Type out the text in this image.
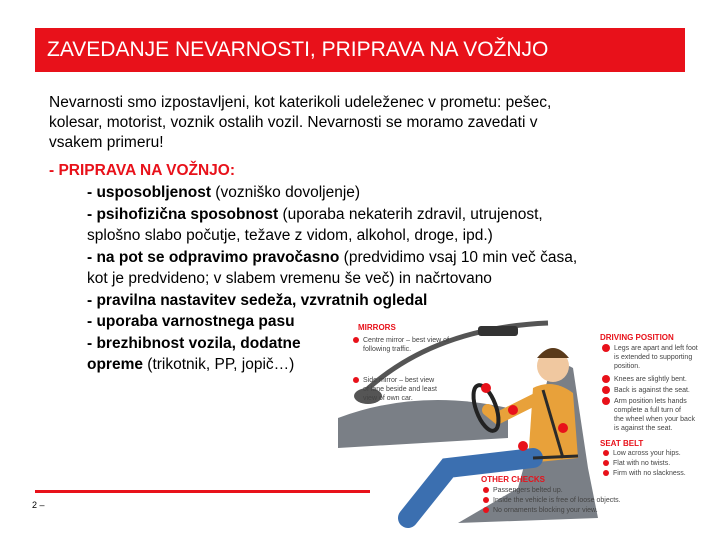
ZAVEDANJE NEVARNOSTI, PRIPRAVA NA VOŽNJO
Nevarnosti smo izpostavljeni, kot katerikoli udeleženec v prometu: pešec,
kolesar, motorist, voznik ostalih vozil. Nevarnosti se moramo zavedati v
vsakem primeru!
- PRIPRAVA NA VOŽNJO:
- usposobljenost (vozniško dovoljenje)
- psihofizična sposobnost (uporaba nekaterih zdravil, utrujenost,
splošno slabo počutje, težave z vidom, alkohol, droge, ipd.)
- na pot se odpravimo pravočasno (predvidimo vsaj 10 min več časa,
kot je predvideno; v slabem vremenu še več) in načrtovano
- pravilna nastavitev sedeža, vzvratnih ogledal
- uporaba varnostnega pasu
- brezhibnost vozila, dodatne
opreme (trikotnik, PP, jopič…)
MIRRORS
Centre mirror – best view of
following traffic.
Side mirror – best view
of lane beside and least
view of own car.
DRIVING POSITION
Legs are apart and left foot
is extended to supporting
position.
Knees are slightly bent.
Back is against the seat.
Arm position lets hands
complete a full turn of
the wheel when your back
is against the seat.
SEAT BELT
Low across your hips.
Flat with no twists.
Firm with no slackness.
OTHER CHECKS
Passengers belted up.
Inside the vehicle is free of loose objects.
No ornaments blocking your view.
2 –
